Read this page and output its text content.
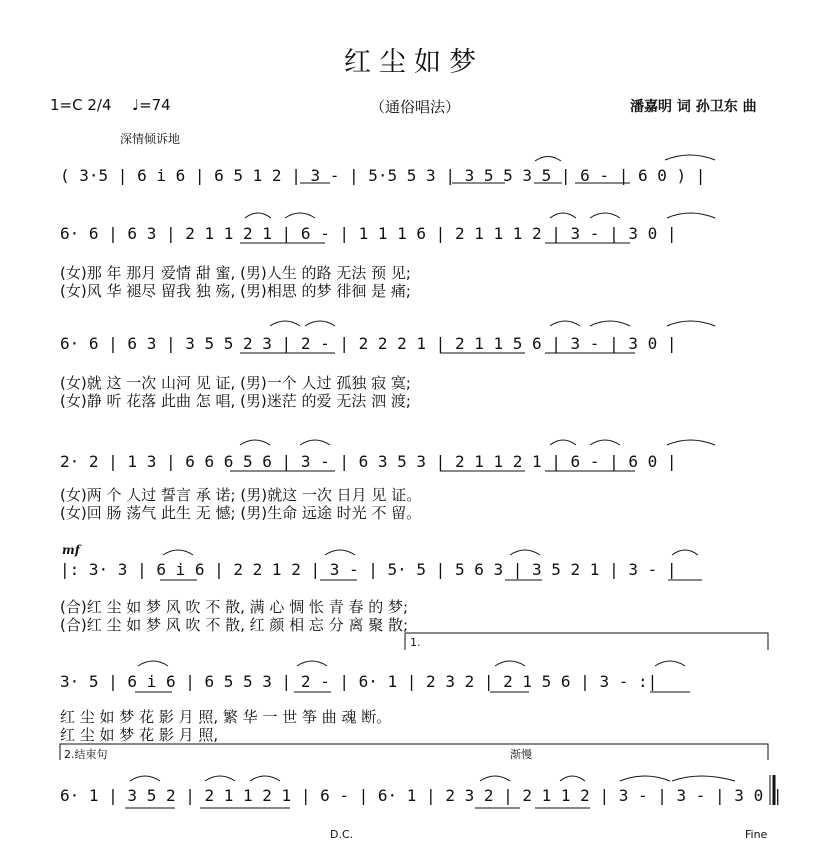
红尘如梦
1=C 2/4 ♩=74	（通俗唱法）	潘嘉明 词 孙卫东 曲
深情倾诉地
mf
( 3·5 | 6 i 6 | 6 5 1 2 | 3 - | 5·5 5 3 | 3 5 5 3 5 | 6 - | 6 0 ) |
6· 6 | 6 3 | 2 1 1 2 1 | 6 - | 1 1 1 6 | 2 1 1 1 2 | 3 - | 3 0 |
(女)那 年 那月 爱情 甜 蜜, (男)人生 的路 无法 预 见;
(女)风 华 褪尽 留我 独 殇, (男)相思 的梦 徘徊 是 痛;
6· 6 | 6 3 | 3 5 5 2 3 | 2 - | 2 2 2 1 | 2 1 1 5 6 | 3 - | 3 0 |
(女)就 这 一次 山河 见 证, (男)一个 人过 孤独 寂 寞;
(女)静 听 花落 此曲 怎 唱, (男)迷茫 的爱 无法 泗 渡;
2· 2 | 1 3 | 6 6 6 5 6 | 3 - | 6 3 5 3 | 2 1 1 2 1 | 6 - | 6 0 |
(女)两 个 人过 誓言 承 诺; (男)就这 一次 日月 见 证。
(女)回 肠 荡气 此生 无 憾; (男)生命 远途 时光 不 留。
|: 3· 3 | 6 i 6 | 2 2 1 2 | 3 - | 5· 5 | 5 6 3 | 3 5 2 1 | 3 - |
(合)红 尘 如 梦 风 吹 不 散, 满 心 惆 怅 青 春 的 梦;
(合)红 尘 如 梦 风 吹 不 散, 红 颜 相 忘 分 离 聚 散;
1.
3· 5 | 6 i 6 | 6 5 5 3 | 2 - | 6· 1 | 2 3 2 | 2 1 5 6 | 3 - :|
红 尘 如 梦 花 影 月 照, 繁 华 一 世 筝 曲 魂 断。
红 尘 如 梦 花 影 月 照,
2.结束句	渐慢
6· 1 | 3 5 2 | 2 1 1 2 1 | 6 - | 6· 1 | 2 3 2 | 2 1 1 2 | 3 - | 3 - | 3 0 |
D.C.	Fine
